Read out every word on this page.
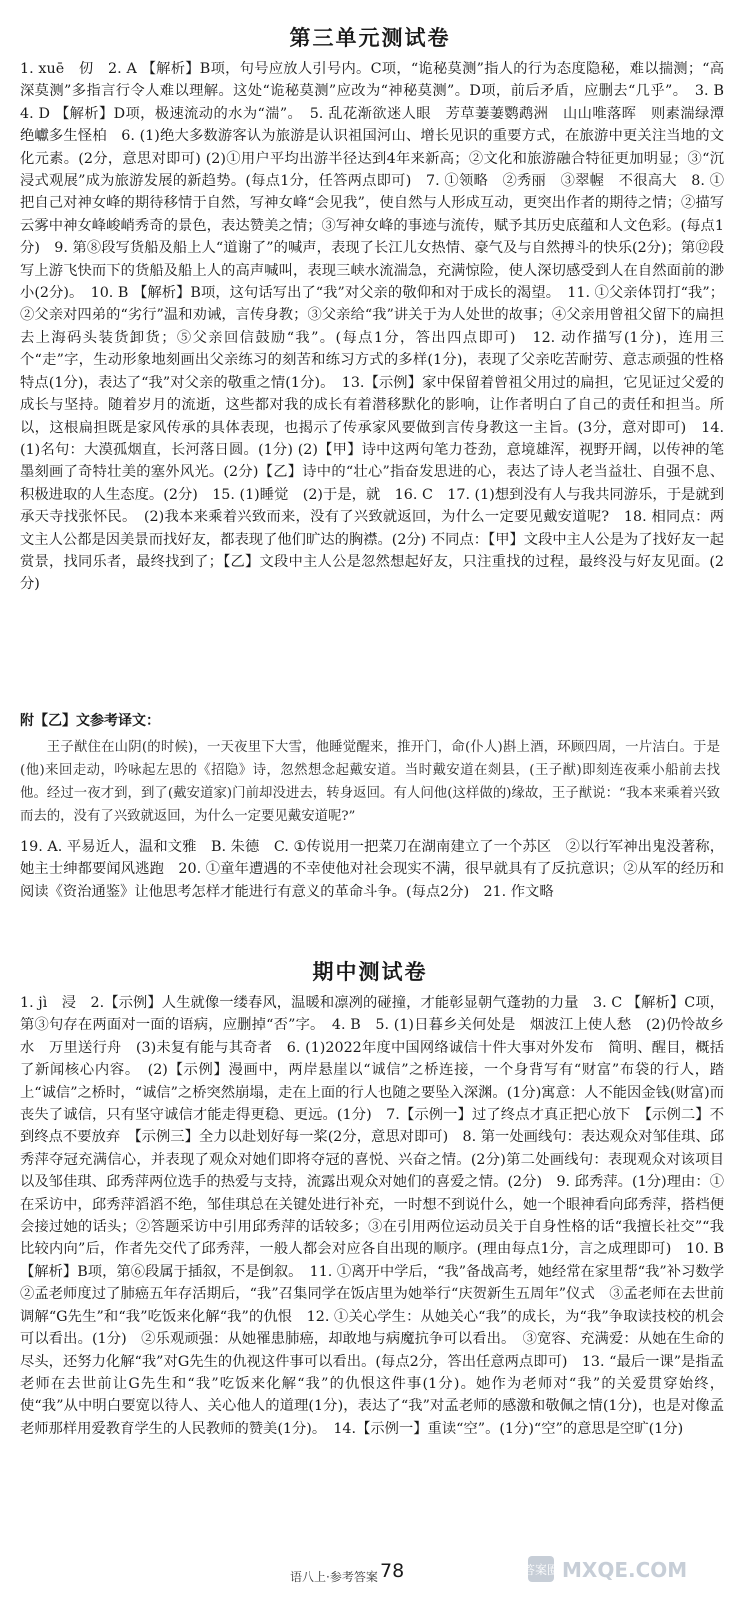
第三单元测试卷

1. xuē　仞　2. A 【解析】B项，句号应放人引号内。C项，“诡秘莫测”指人的行为态度隐秘，难以揣测；“高深莫测”多指言行令人难以理解。这处“诡秘莫测”应改为“神秘莫测”。D项，前后矛盾，应删去“几乎”。　3. B　4. D 【解析】D项，极速流动的水为“湍”。　5. 乱花渐欲迷人眼　芳草萋萋鹦鹉洲　山山唯落晖　则素湍绿潭　绝巘多生怪柏　6. (1)绝大多数游客认为旅游是认识祖国河山、增长见识的重要方式，在旅游中更关注当地的文化元素。(2分，意思对即可) (2)①用户平均出游半径达到4年来新高；②文化和旅游融合特征更加明显；③“沉浸式观展”成为旅游发展的新趋势。(每点1分，任答两点即可)　7. ①领略　②秀丽　③翠幄　不很高大　8. ①把自己对神女峰的期待移情于自然，写神女峰“会见我”，使自然与人形成互动，更突出作者的期待之情；②描写云雾中神女峰峻峭秀奇的景色，表达赞美之情；③写神女峰的事迹与流传，赋予其历史底蕴和人文色彩。(每点1分)　9. 第⑧段写货船及船上人“道谢了”的喊声，表现了长江儿女热情、豪气及与自然搏斗的快乐(2分)；第⑫段写上游飞快而下的货船及船上人的高声喊叫，表现三峡水流湍急，充满惊险，使人深切感受到人在自然面前的渺小(2分)。　10. B 【解析】B项，这句话写出了“我”对父亲的敬仰和对于成长的渴望。　11. ①父亲体罚打“我”；②父亲对四弟的“劣行”温和劝诫，言传身教；③父亲给“我”讲关于为人处世的故事；④父亲用曾祖父留下的扁担去上海码头装货卸货；⑤父亲回信鼓励“我”。(每点1分，答出四点即可)　12. 动作描写(1分)，连用三个“走”字，生动形象地刻画出父亲练习的刻苦和练习方式的多样(1分)，表现了父亲吃苦耐劳、意志顽强的性格特点(1分)，表达了“我”对父亲的敬重之情(1分)。　13.【示例】家中保留着曾祖父用过的扁担，它见证过父爱的成长与坚持。随着岁月的流逝，这些都对我的成长有着潜移默化的影响，让作者明白了自己的责任和担当。所以，这根扁担既是家风传承的具体表现，也揭示了传承家风要做到言传身教这一主旨。(3分，意对即可)　14. (1)名句：大漠孤烟直，长河落日圆。(1分) (2)【甲】诗中这两句笔力苍劲，意境雄浑，视野开阔，以传神的笔墨刻画了奇特壮美的塞外风光。(2分)【乙】诗中的“壮心”指奋发思进的心，表达了诗人老当益壮、自强不息、积极进取的人生态度。(2分)　15. (1)睡觉　(2)于是，就　16. C　17. (1)想到没有人与我共同游乐，于是就到承天寺找张怀民。　(2)我本来乘着兴致而来，没有了兴致就返回，为什么一定要见戴安道呢?　18. 相同点：两文主人公都是因美景而找好友，都表现了他们旷达的胸襟。(2分) 不同点：【甲】文段中主人公是为了找好友一起赏景，找同乐者，最终找到了；【乙】文段中主人公是忽然想起好友，只注重找的过程，最终没与好友见面。(2分)

附【乙】文参考译文：

王子猷住在山阴(的时候)，一天夜里下大雪，他睡觉醒来，推开门，命(仆人)斟上酒，环顾四周，一片洁白。于是(他)来回走动，吟咏起左思的《招隐》诗，忽然想念起戴安道。当时戴安道在剡县，(王子猷)即刻连夜乘小船前去找他。经过一夜才到，到了(戴安道家)门前却没进去，转身返回。有人问他(这样做的)缘故，王子猷说：“我本来乘着兴致而去的，没有了兴致就返回，为什么一定要见戴安道呢?”

19. A. 平易近人，温和文雅　B. 朱德　C. ①传说用一把菜刀在湖南建立了一个苏区　②以行军神出鬼没著称，她主士绅都要闻风逃跑　20. ①童年遭遇的不幸使他对社会现实不满，很早就具有了反抗意识；②从军的经历和阅读《资治通鉴》让他思考怎样才能进行有意义的革命斗争。(每点2分)　21. 作文略

期中测试卷

1. jì　浸　2.【示例】人生就像一缕春风，温暖和凛冽的碰撞，才能彰显朝气蓬勃的力量　3. C 【解析】C项，第③句存在两面对一面的语病，应删掉“否”字。　4. B　5. (1)日暮乡关何处是　烟波江上使人愁　(2)仍怜故乡水　万里送行舟　(3)未复有能与其奇者　6. (1)2022年度中国网络诚信十件大事对外发布　简明、醒目，概括了新闻核心内容。　(2)【示例】漫画中，两岸悬崖以“诚信”之桥连接，一个身背写有“财富”布袋的行人，踏上“诚信”之桥时，“诚信”之桥突然崩塌，走在上面的行人也随之要坠入深渊。(1分)寓意：人不能因金钱(财富)而丧失了诚信，只有坚守诚信才能走得更稳、更远。(1分)　7.【示例一】过了终点才真正把心放下　【示例二】不到终点不要放弃　【示例三】全力以赴划好每一桨(2分，意思对即可)　8. 第一处画线句：表达观众对邹佳琪、邱秀萍夺冠充满信心，并表现了观众对她们即将夺冠的喜悦、兴奋之情。(2分)第二处画线句：表现观众对该项目以及邹佳琪、邱秀萍两位选手的热爱与支持，流露出观众对她们的喜爱之情。(2分)　9. 邱秀萍。(1分)理由：①在采访中，邱秀萍滔滔不绝，邹佳琪总在关键处进行补充，一时想不到说什么，她一个眼神看向邱秀萍，搭档便会接过她的话头；②答题采访中引用邱秀萍的话较多；③在引用两位运动员关于自身性格的话“我擅长社交”“我比较内向”后，作者先交代了邱秀萍，一般人都会对应各自出现的顺序。(理由每点1分，言之成理即可)　10. B 【解析】B项，第⑥段属于插叙，不是倒叙。　11. ①离开中学后，“我”备战高考，她经常在家里帮“我”补习数学　②孟老师度过了肺癌五年存活期后，“我”召集同学在饭店里为她举行“庆贺新生五周年”仪式　③孟老师在去世前调解“G先生”和“我”吃饭来化解“我”的仇恨　12. ①关心学生：从她关心“我”的成长，为“我”争取读技校的机会可以看出。(1分)　②乐观顽强：从她罹患肺癌，却敢地与病魔抗争可以看出。　③宽容、充满爱：从她在生命的尽头，还努力化解“我”对G先生的仇视这件事可以看出。(每点2分，答出任意两点即可)　13. “最后一课”是指孟老师在去世前让G先生和“我”吃饭来化解“我”的仇恨这件事(1分)。她作为老师对“我”的关爱贯穿始终，使“我”从中明白要宽以待人、关心他人的道理(1分)，表达了“我”对孟老师的感激和敬佩之情(1分)，也是对像孟老师那样用爱教育学生的人民教师的赞美(1分)。　14.【示例一】重读“空”。(1分)“空”的意思是空旷(1分)

语八上·参考答案 78	答案圈 MXQE.COM
